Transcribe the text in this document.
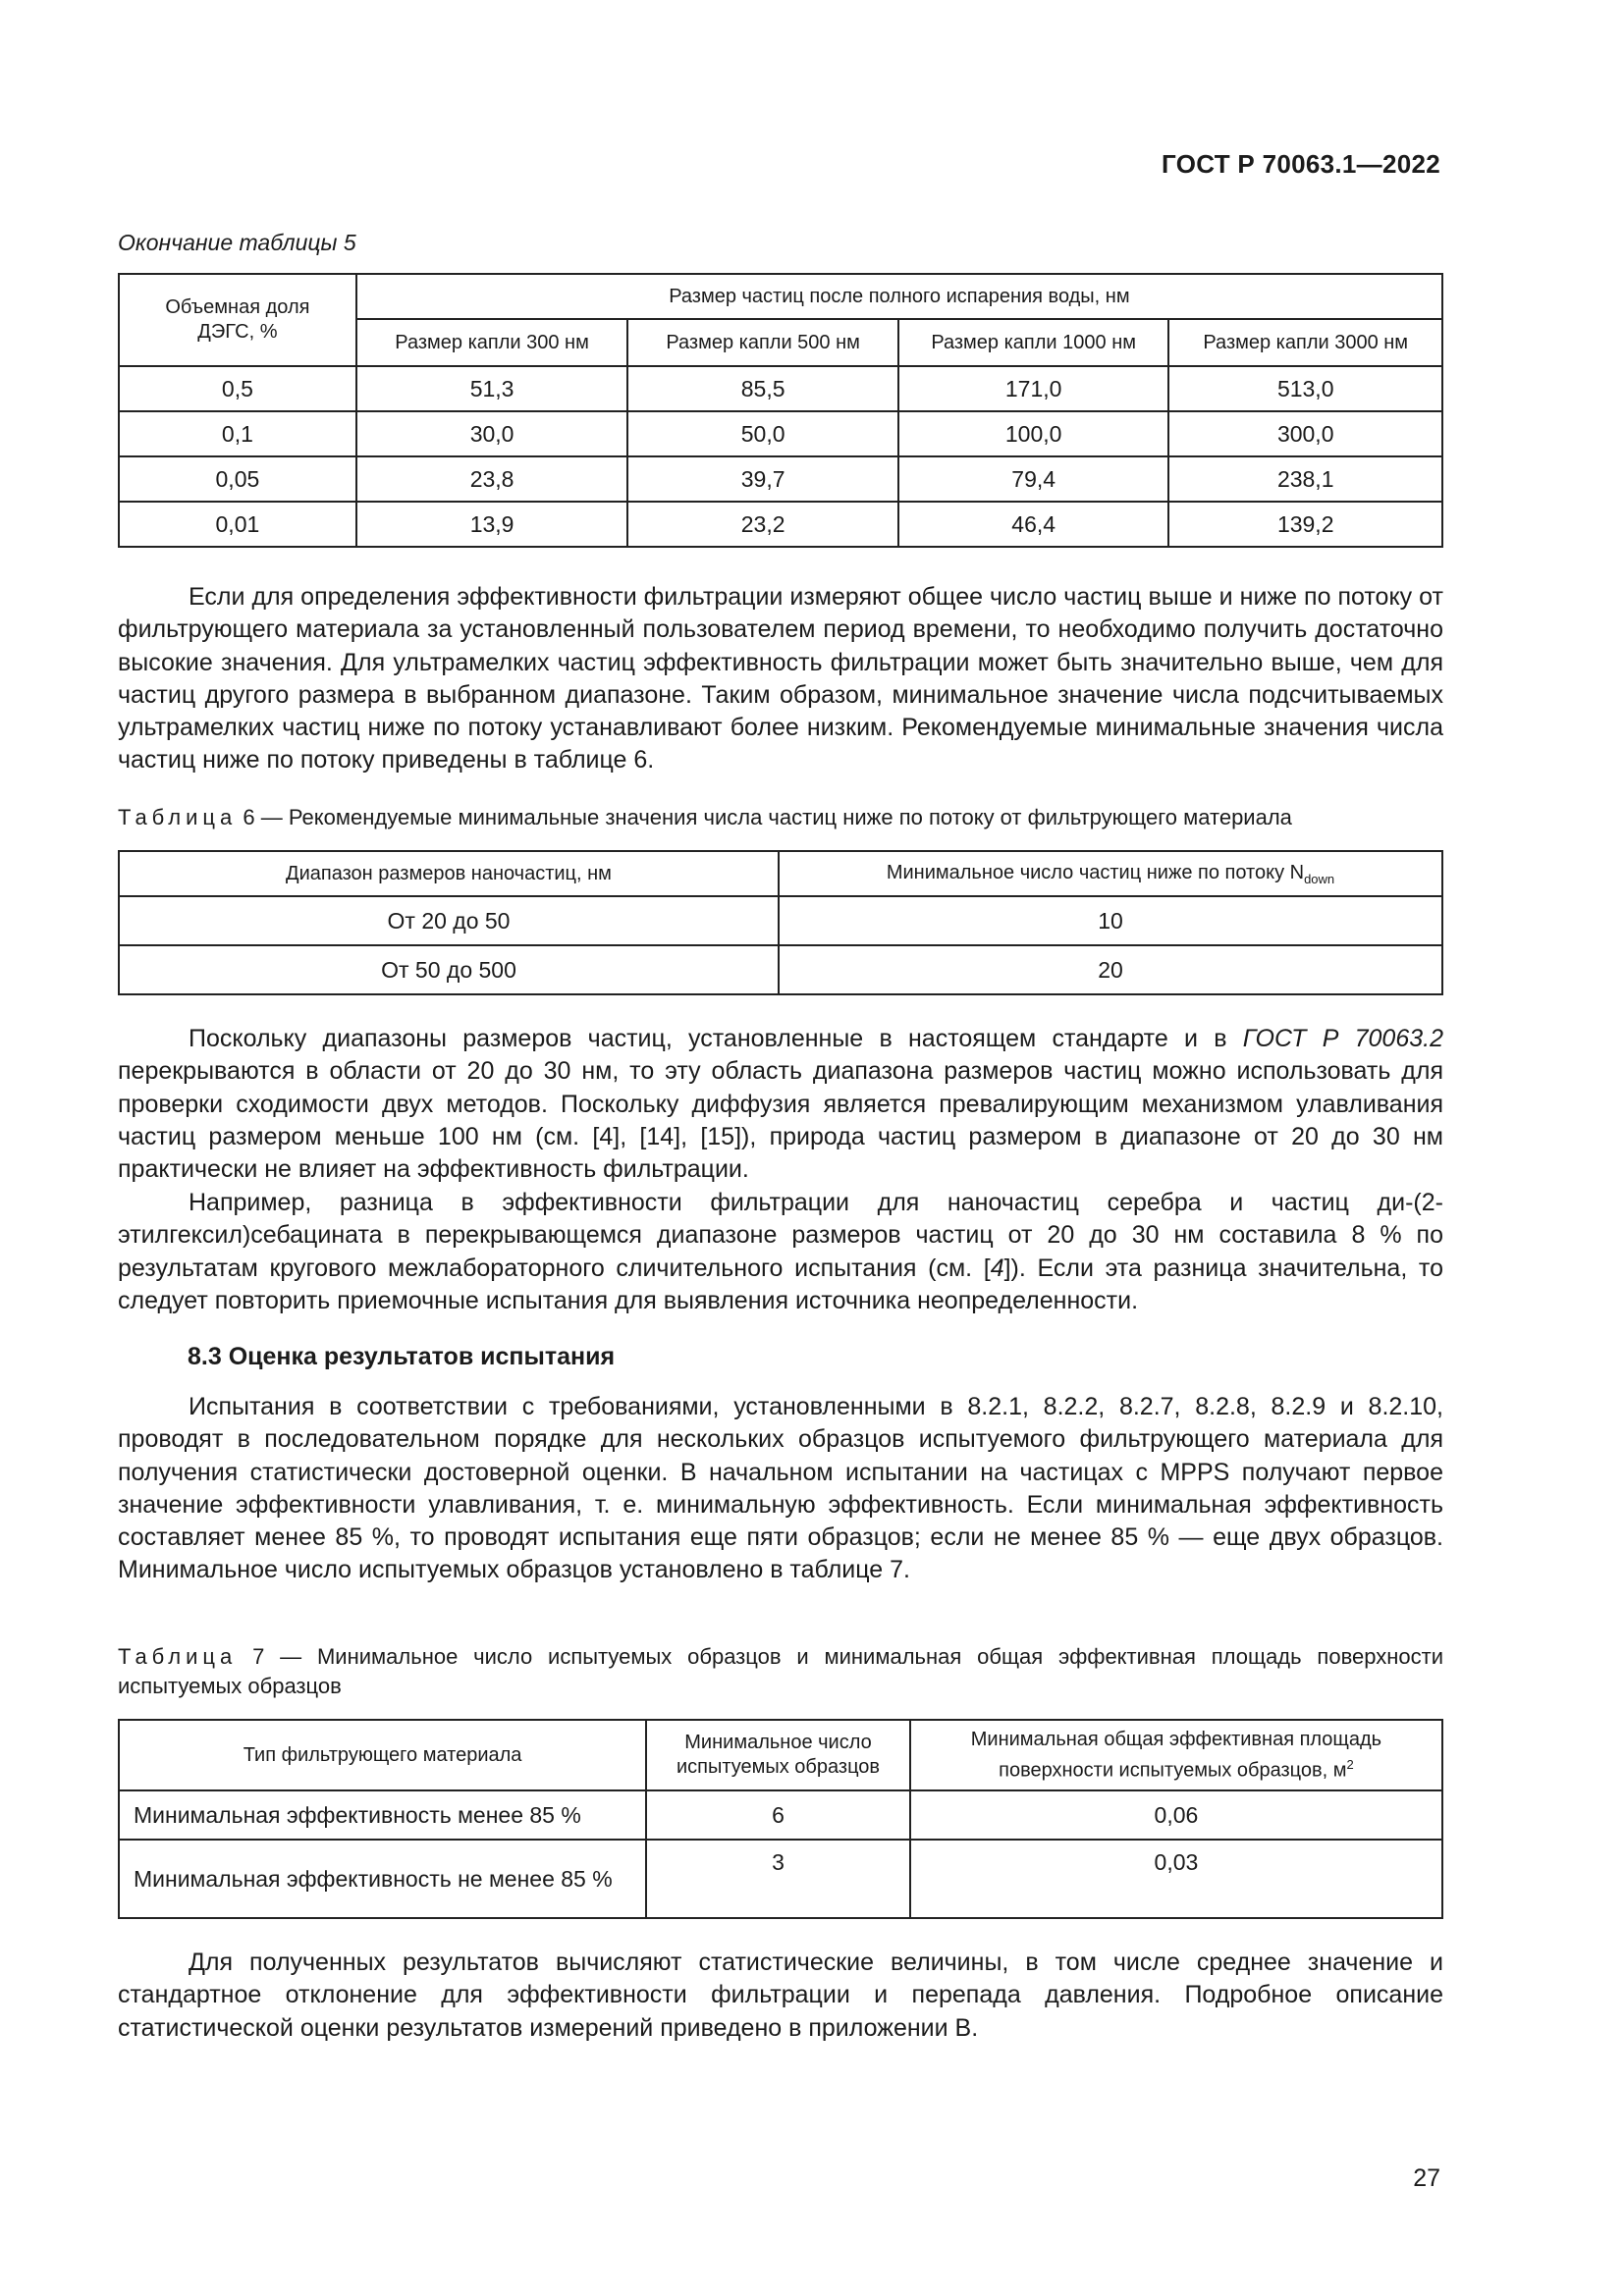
ГОСТ Р 70063.1—2022
Окончание таблицы 5
Объемная доля ДЭГС, %	Размер частиц после полного испарения воды, нм			
	Размер капли 300 нм	Размер капли 500 нм	Размер капли 1000 нм	Размер капли 3000 нм
0,5	51,3	85,5	171,0	513,0
0,1	30,0	50,0	100,0	300,0
0,05	23,8	39,7	79,4	238,1
0,01	13,9	23,2	46,4	139,2

Если для определения эффективности фильтрации измеряют общее число частиц выше и ниже по потоку от фильтрующего материала за установленный пользователем период времени, то необходимо получить достаточно высокие значения. Для ультрамелких частиц эффективность фильтрации может быть значительно выше, чем для частиц другого размера в выбранном диапазоне. Таким образом, минимальное значение числа подсчитываемых ультрамелких частиц ниже по потоку устанавливают более низким. Рекомендуемые минимальные значения числа частиц ниже по потоку приведены в таблице 6.

Таблица 6 — Рекомендуемые минимальные значения числа частиц ниже по потоку от фильтрующего материала
Диапазон размеров наночастиц, нм	Минимальное число частиц ниже по потоку $N_{down}$
От 20 до 50	10
От 50 до 500	20

Поскольку диапазоны размеров частиц, установленные в настоящем стандарте и в ГОСТ Р 70063.2 перекрываются в области от 20 до 30 нм, то эту область диапазона размеров частиц можно использовать для проверки сходимости двух методов. Поскольку диффузия является превалирующим механизмом улавливания частиц размером меньше 100 нм (см. [4], [14], [15]), природа частиц размером в диапазоне от 20 до 30 нм практически не влияет на эффективность фильтрации.

Например, разница в эффективности фильтрации для наночастиц серебра и частиц ди-(2-этилгексил)себацината в перекрывающемся диапазоне размеров частиц от 20 до 30 нм составила 8 % по результатам кругового межлабораторного сличительного испытания (см. [4]). Если эта разница значительна, то следует повторить приемочные испытания для выявления источника неопределенности.

8.3 Оценка результатов испытания

Испытания в соответствии с требованиями, установленными в 8.2.1, 8.2.2, 8.2.7, 8.2.8, 8.2.9 и 8.2.10, проводят в последовательном порядке для нескольких образцов испытуемого фильтрующего материала для получения статистически достоверной оценки. В начальном испытании на частицах с MPPS получают первое значение эффективности улавливания, т. е. минимальную эффективность. Если минимальная эффективность составляет менее 85 %, то проводят испытания еще пяти образцов; если не менее 85 % — еще двух образцов. Минимальное число испытуемых образцов установлено в таблице 7.

Таблица 7 — Минимальное число испытуемых образцов и минимальная общая эффективная площадь поверхности испытуемых образцов
Тип фильтрующего материала	Минимальное число испытуемых образцов	Минимальная общая эффективная площадь поверхности испытуемых образцов, $м^2$
Минимальная эффективность менее 85 %	6	0,06
Минимальная эффективность не менее 85 %	3	0,03

Для полученных результатов вычисляют статистические величины, в том числе среднее значение и стандартное отклонение для эффективности фильтрации и перепада давления. Подробное описание статистической оценки результатов измерений приведено в приложении В.

27
